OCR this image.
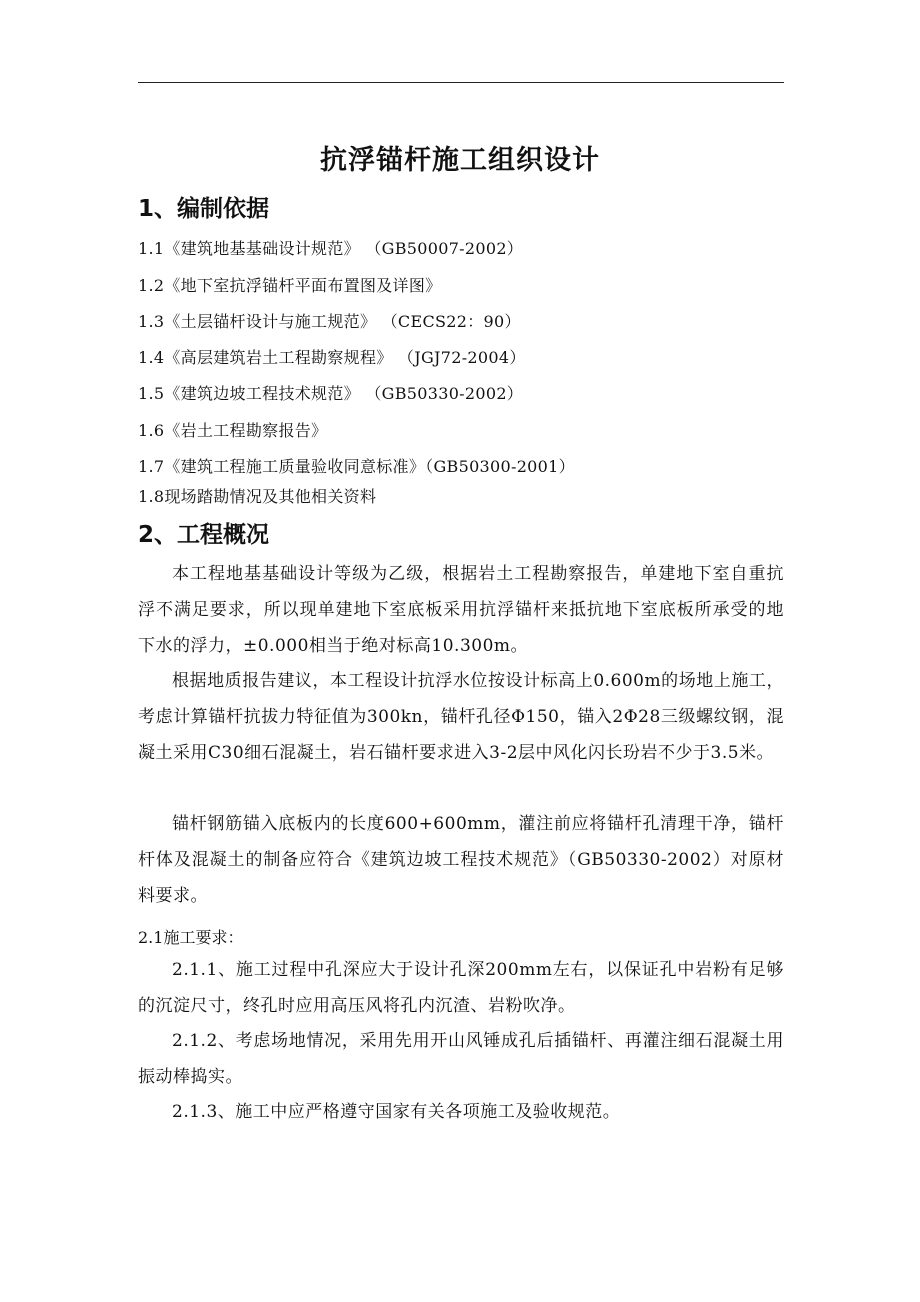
抗浮锚杆施工组织设计
1、编制依据
1.1《建筑地基基础设计规范》 （GB50007-2002）
1.2《地下室抗浮锚杆平面布置图及详图》
1.3《土层锚杆设计与施工规范》 （CECS22：90）
1.4《高层建筑岩土工程勘察规程》 （JGJ72-2004）
1.5《建筑边坡工程技术规范》 （GB50330-2002）
1.6《岩土工程勘察报告》
1.7《建筑工程施工质量验收同意标准》（GB50300-2001）
1.8现场踏勘情况及其他相关资料
2、工程概况
本工程地基基础设计等级为乙级，根据岩土工程勘察报告，单建地下室自重抗浮不满足要求，所以现单建地下室底板采用抗浮锚杆来抵抗地下室底板所承受的地下水的浮力，±0.000相当于绝对标高10.300m。
根据地质报告建议，本工程设计抗浮水位按设计标高上0.600m的场地上施工，考虑计算锚杆抗拔力特征值为300kn，锚杆孔径Φ150，锚入2Φ28三级螺纹钢，混凝土采用C30细石混凝土，岩石锚杆要求进入3-2层中风化闪长玢岩不少于3.5米。
锚杆钢筋锚入底板内的长度600+600mm，灌注前应将锚杆孔清理干净，锚杆杆体及混凝土的制备应符合《建筑边坡工程技术规范》（GB50330-2002）对原材料要求。
2.1施工要求：
2.1.1、施工过程中孔深应大于设计孔深200mm左右，以保证孔中岩粉有足够的沉淀尺寸，终孔时应用高压风将孔内沉渣、岩粉吹净。
2.1.2、考虑场地情况，采用先用开山风锤成孔后插锚杆、再灌注细石混凝土用振动棒捣实。
2.1.3、施工中应严格遵守国家有关各项施工及验收规范。
